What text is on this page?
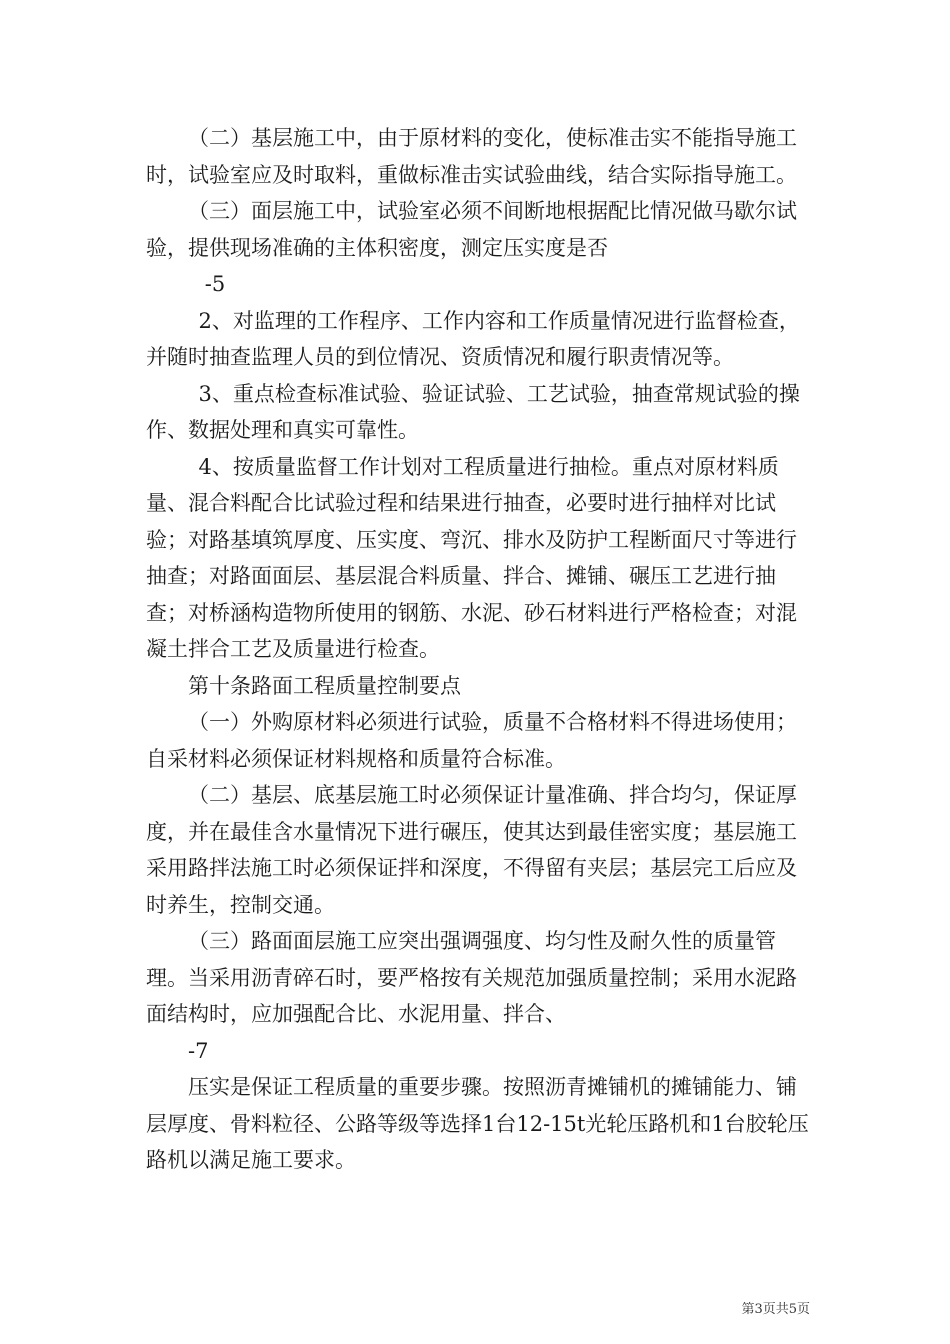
（二）基层施工中，由于原材料的变化，使标准击实不能指导施工时，试验室应及时取料，重做标准击实试验曲线，结合实际指导施工。

（三）面层施工中，试验室必须不间断地根据配比情况做马歇尔试验，提供现场准确的主体积密度，测定压实度是否

-5

2、对监理的工作程序、工作内容和工作质量情况进行监督检查，并随时抽查监理人员的到位情况、资质情况和履行职责情况等。

3、重点检查标准试验、验证试验、工艺试验，抽查常规试验的操作、数据处理和真实可靠性。

4、按质量监督工作计划对工程质量进行抽检。重点对原材料质量、混合料配合比试验过程和结果进行抽查，必要时进行抽样对比试验；对路基填筑厚度、压实度、弯沉、排水及防护工程断面尺寸等进行抽查；对路面面层、基层混合料质量、拌合、摊铺、碾压工艺进行抽查；对桥涵构造物所使用的钢筋、水泥、砂石材料进行严格检查；对混凝土拌合工艺及质量进行检查。

第十条路面工程质量控制要点

（一）外购原材料必须进行试验，质量不合格材料不得进场使用；自采材料必须保证材料规格和质量符合标准。

（二）基层、底基层施工时必须保证计量准确、拌合均匀，保证厚度，并在最佳含水量情况下进行碾压，使其达到最佳密实度；基层施工采用路拌法施工时必须保证拌和深度，不得留有夹层；基层完工后应及时养生，控制交通。

（三）路面面层施工应突出强调强度、均匀性及耐久性的质量管理。当采用沥青碎石时，要严格按有关规范加强质量控制；采用水泥路面结构时，应加强配合比、水泥用量、拌合、

-7

压实是保证工程质量的重要步骤。按照沥青摊铺机的摊铺能力、铺层厚度、骨料粒径、公路等级等选择1台12-15t光轮压路机和1台胶轮压路机以满足施工要求。

第3页共5页
